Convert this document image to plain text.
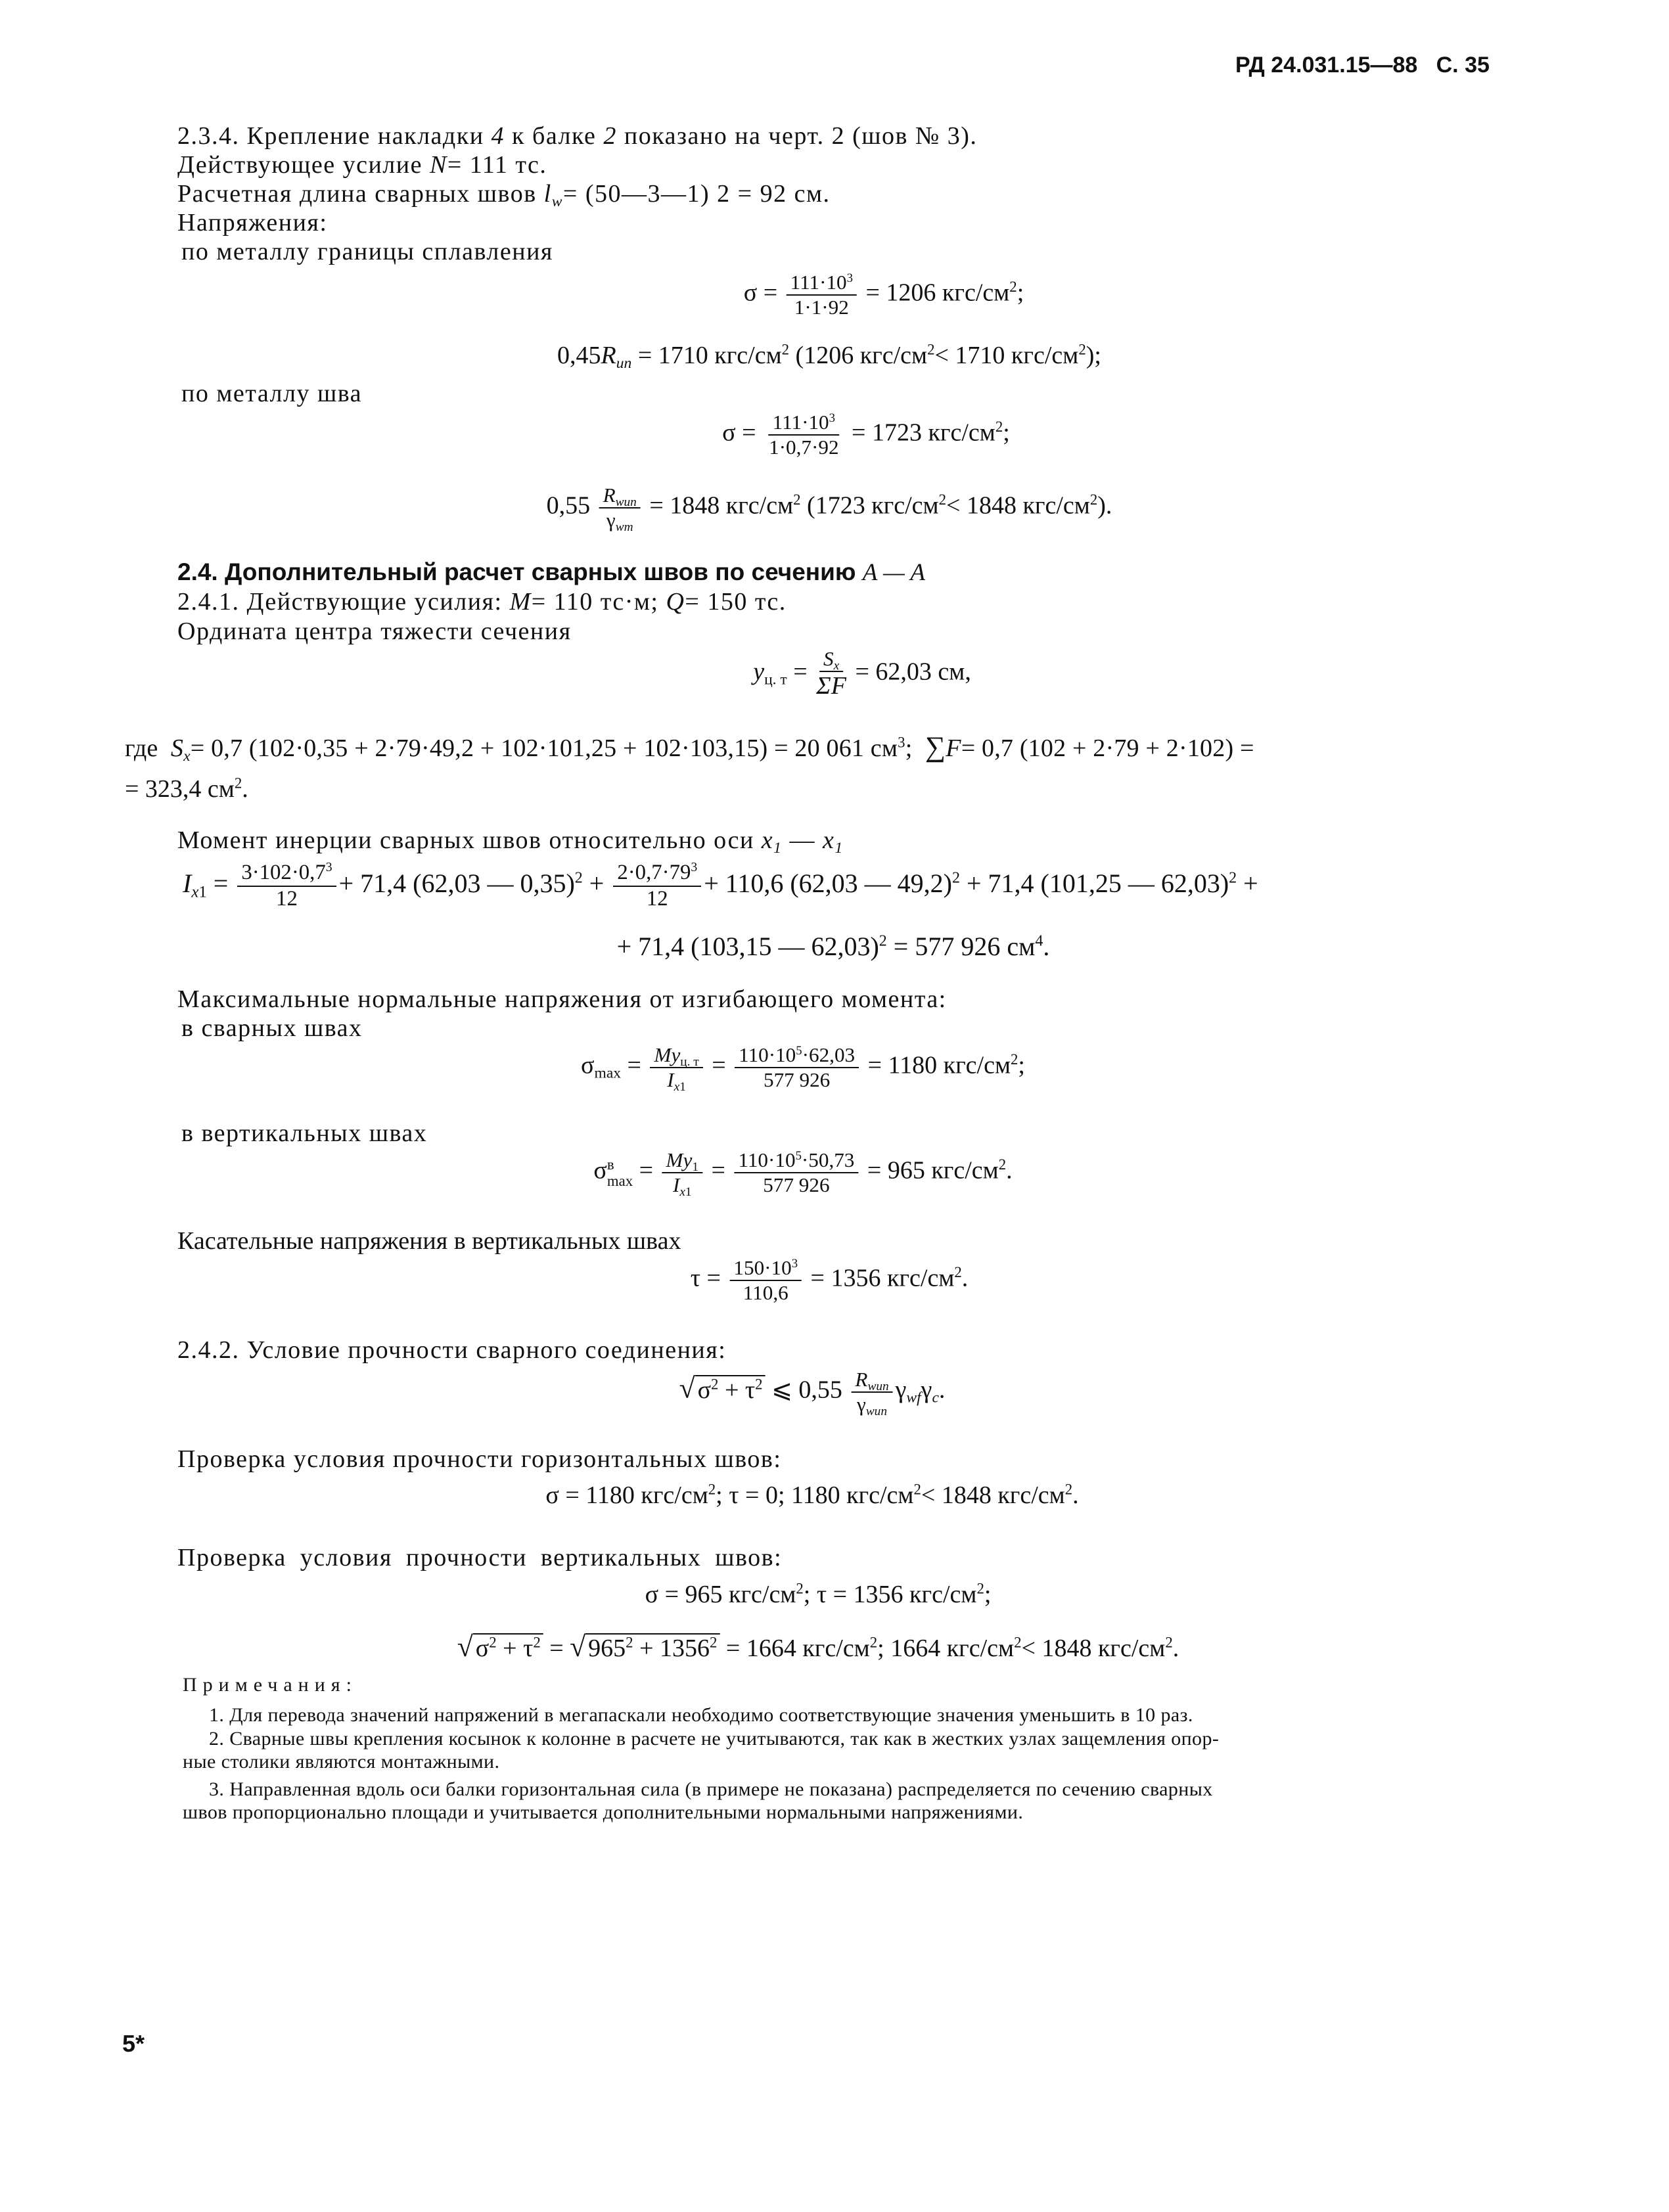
РД 24.031.15—88 С. 35
2.3.4. Крепление накладки 4 к балке 2 показано на черт. 2 (шов № 3).
Действующее усилие N= 111 тс.
Расчетная длина сварных швов $l_w=$ (50—3—1) 2 = 92 см.
Напряжения:
по металлу границы сплавления
$\sigma = \frac{111\cdot 10^3}{1\cdot 1\cdot 92} = 1206$ кгс/$см^2$;
$0,45R_{un} = 1710$ кгс/$см^2$ (1206 кгс/$см^2< 1710$ кгс/$см^2$);
по металлу шва
$\sigma = \frac{111\cdot 10^3}{1\cdot 0,7\cdot 92} = 1723$ кгс/$см^2$;
$0,55 \frac{R_{wun}}{\gamma_{wm}} = 1848$ кгс/$см^2$ (1723 кгс/$см^2< 1848$ кгс/$см^2$).
2.4. Дополнительный расчет сварных швов по сечению A — A
2.4.1. Действующие усилия: M= 110 тс·м; Q= 150 тс.
Ордината центра тяжести сечения
$y_{ц. т} = \frac{S_x}{\Sigma F} = 62,03$ см,
где $S_x= 0,7$ (102·0,35 + 2·79·49,2 + 102·101,25 + 102·103,15) = 20 061 $см^3$;  ∑F= 0,7 (102 + 2·79 + 2·102) =
= 323,4 $см^2$.
Момент инерции сварных швов относительно оси $x_1$ — $x_1$
$I_{x1} = \frac{3\cdot 102\cdot 0,7^3}{12} + 71,4$ (62,03 — $0,35)^2 + \frac{2\cdot 0,7\cdot 79^3}{12} + 110,6$ (62,03 — 49,2)$^2$ + 71,4 (101,25 — 62,03)$^2$ +
+ 71,4 (103,15 — 62,03)$^2$ = 577 926 $см^4$.
Максимальные нормальные напряжения от изгибающего момента:
в сварных швах
$\sigma_{max} = \frac{My_{ц. т}}{I_{x1}} = \frac{110\cdot 10^5\cdot 62,03}{577 926} = 1180$ кгс/$см^2$;
в вертикальных швах
σ в
$\max = \frac{My_1}{I_{x1}} = \frac{110\cdot 10^5\cdot 50,73}{577 926} = 965$ кгс/$см^2$.
Касательные напряжения в вертикальных швах
$\tau = \frac{150\cdot 10^3}{110,6} = 1356$ кгс/$см^2$.
2.4.2. Условие прочности сварного соединения:
√ $\sigma^2 + \tau^2$ ⩽ $0,55 \frac{R_{wun}}{\gamma_{wun}} \gamma_{wf}\gamma_c$.
Проверка условия прочности горизонтальных швов:
σ = 1180 кгс/$см^2$; τ = 0; 1180 кгс/$см^2< 1848$ кгс/$см^2$.
Проверка условия прочности вертикальных швов:
σ = 965 кгс/$см^2$; τ = 1356 кгс/$см^2$;
√ $\sigma^2 + \tau^2$ = √ $965^2 + 1356^2 = 1664$ кгс/$см^2$; 1664 кгс/$см^2< 1848$ кгс/$см^2$.
Примечания:
1. Для перевода значений напряжений в мегапаскали необходимо соответствующие значения уменьшить в 10 раз.
2. Сварные швы крепления косынок к колонне в расчете не учитываются, так как в жестких узлах защемления опор-
ные столики являются монтажными.
3. Направленная вдоль оси балки горизонтальная сила (в примере не показана) распределяется по сечению сварных
швов пропорционально площади и учитывается дополнительными нормальными напряжениями.
5*
